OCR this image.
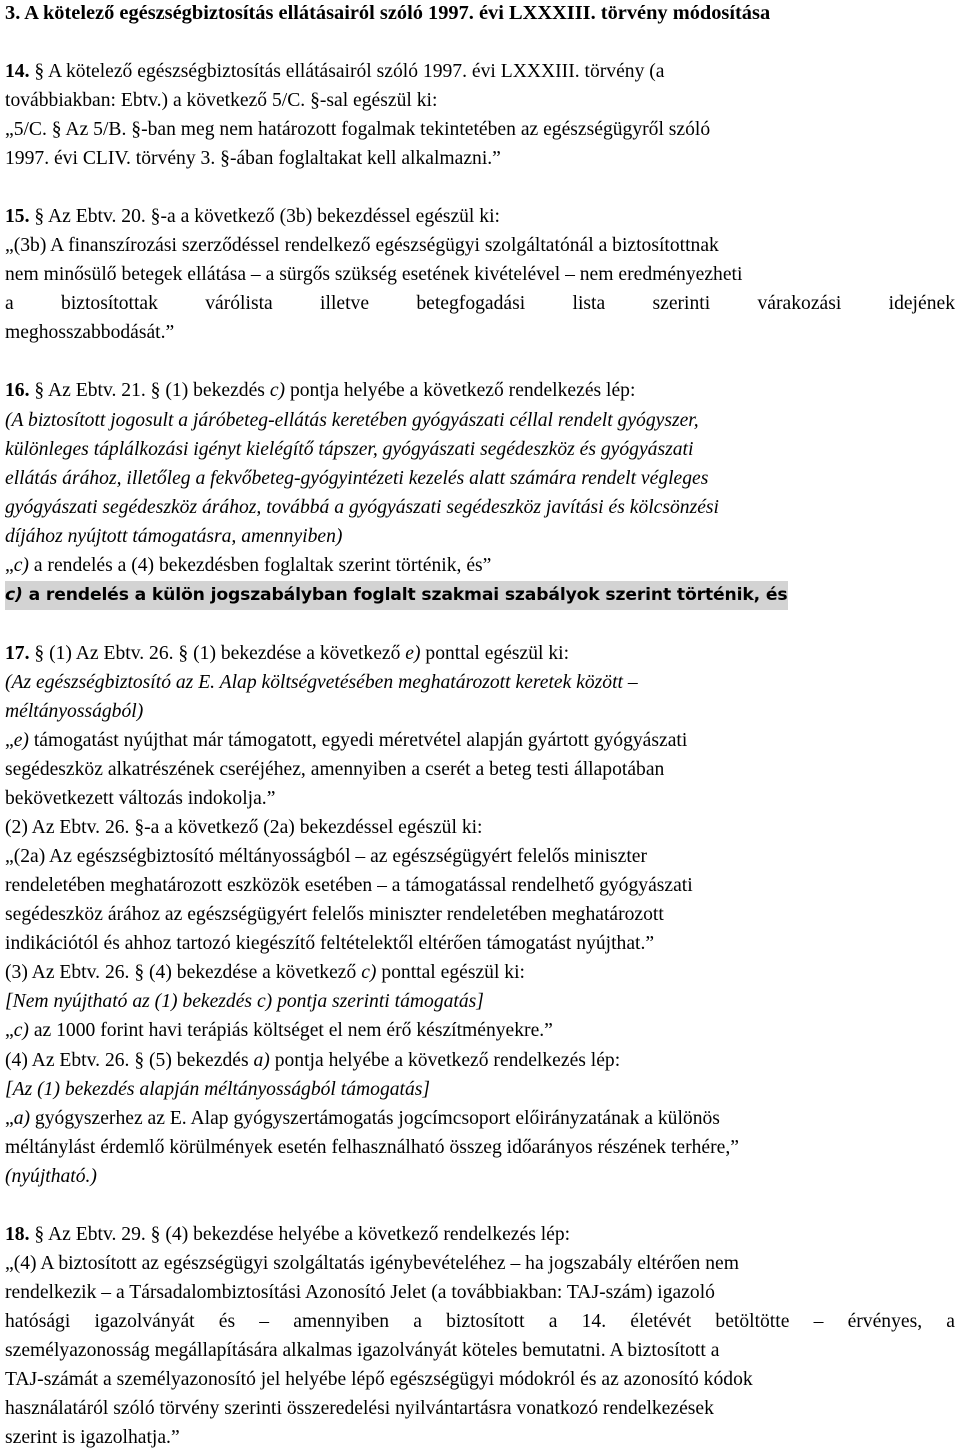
3. A kötelező egészségbiztosítás ellátásairól szóló 1997. évi LXXXIII. törvény módosítása
14. § A kötelező egészségbiztosítás ellátásairól szóló 1997. évi LXXXIII. törvény (a
továbbiakban: Ebtv.) a következő 5/C. §-sal egészül ki:
„5/C. § Az 5/B. §-ban meg nem határozott fogalmak tekintetében az egészségügyről szóló
1997. évi CLIV. törvény 3. §-ában foglaltakat kell alkalmazni.”
15. § Az Ebtv. 20. §-a a következő (3b) bekezdéssel egészül ki:
„(3b) A finanszírozási szerződéssel rendelkező egészségügyi szolgáltatónál a biztosítottnak
nem minősülő betegek ellátása – a sürgős szükség esetének kivételével – nem eredményezheti
a biztosítottak várólista illetve betegfogadási lista szerinti várakozási idejének
meghosszabbodását.”
16. § Az Ebtv. 21. § (1) bekezdés c) pontja helyébe a következő rendelkezés lép:
(A biztosított jogosult a járóbeteg-ellátás keretében gyógyászati céllal rendelt gyógyszer,
különleges táplálkozási igényt kielégítő tápszer, gyógyászati segédeszköz és gyógyászati
ellátás árához, illetőleg a fekvőbeteg-gyógyintézeti kezelés alatt számára rendelt végleges
gyógyászati segédeszköz árához, továbbá a gyógyászati segédeszköz javítási és kölcsönzési
díjához nyújtott támogatásra, amennyiben)
„c) a rendelés a (4) bekezdésben foglaltak szerint történik, és”
c) a rendelés a külön jogszabályban foglalt szakmai szabályok szerint történik, és
17. § (1) Az Ebtv. 26. § (1) bekezdése a következő e) ponttal egészül ki:
(Az egészségbiztosító az E. Alap költségvetésében meghatározott keretek között –
méltányosságból)
„e) támogatást nyújthat már támogatott, egyedi méretvétel alapján gyártott gyógyászati
segédeszköz alkatrészének cseréjéhez, amennyiben a cserét a beteg testi állapotában
bekövetkezett változás indokolja.”
(2) Az Ebtv. 26. §-a a következő (2a) bekezdéssel egészül ki:
„(2a) Az egészségbiztosító méltányosságból – az egészségügyért felelős miniszter
rendeletében meghatározott eszközök esetében – a támogatással rendelhető gyógyászati
segédeszköz árához az egészségügyért felelős miniszter rendeletében meghatározott
indikációtól és ahhoz tartozó kiegészítő feltételektől eltérően támogatást nyújthat.”
(3) Az Ebtv. 26. § (4) bekezdése a következő c) ponttal egészül ki:
[Nem nyújtható az (1) bekezdés c) pontja szerinti támogatás]
„c) az 1000 forint havi terápiás költséget el nem érő készítményekre.”
(4) Az Ebtv. 26. § (5) bekezdés a) pontja helyébe a következő rendelkezés lép:
[Az (1) bekezdés alapján méltányosságból támogatás]
„a) gyógyszerhez az E. Alap gyógyszertámogatás jogcímcsoport előirányzatának a különös
méltánylást érdemlő körülmények esetén felhasználható összeg időarányos részének terhére,”
(nyújtható.)
18. § Az Ebtv. 29. § (4) bekezdése helyébe a következő rendelkezés lép:
„(4) A biztosított az egészségügyi szolgáltatás igénybevételéhez – ha jogszabály eltérően nem
rendelkezik – a Társadalombiztosítási Azonosító Jelet (a továbbiakban: TAJ-szám) igazoló
hatósági igazolványát és – amennyiben a biztosított a 14. életévét betöltötte – érvényes, a
személyazonosság megállapítására alkalmas igazolványát köteles bemutatni. A biztosított a
TAJ-számát a személyazonosító jel helyébe lépő egészségügyi módokról és az azonosító kódok
használatáról szóló törvény szerinti összeredelési nyilvántartásra vonatkozó rendelkezések
szerint is igazolhatja.”
